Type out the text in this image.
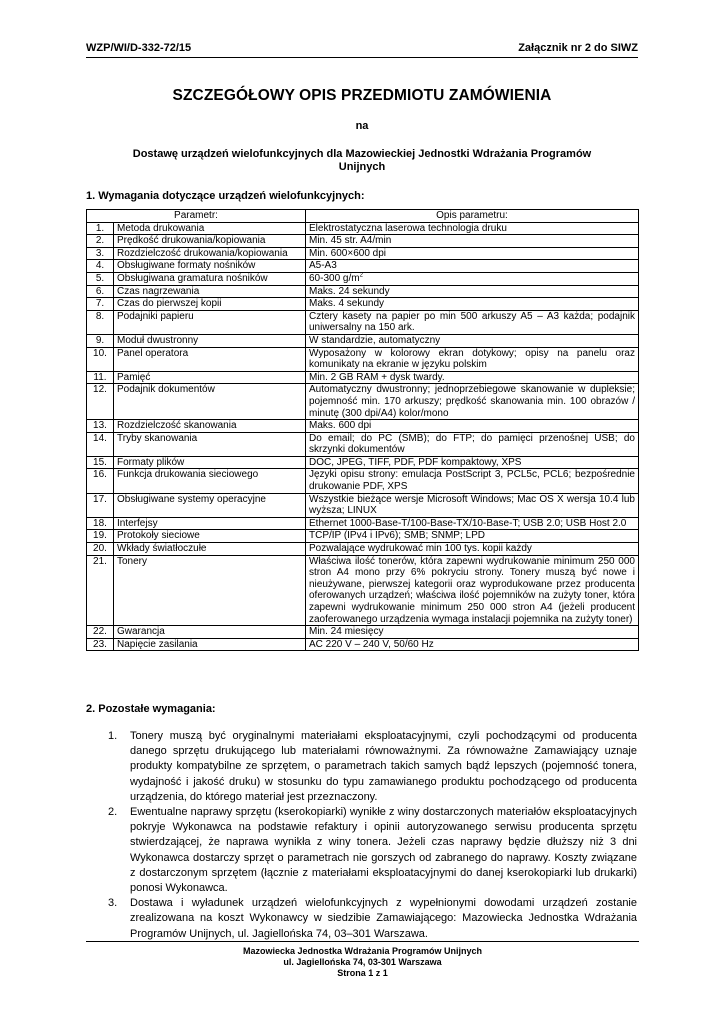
WZP/WI/D-332-72/15	Załącznik nr 2 do SIWZ
SZCZEGÓŁOWY OPIS PRZEDMIOTU ZAMÓWIENIA
na
Dostawę urządzeń wielofunkcyjnych dla Mazowieckiej Jednostki Wdrażania Programów
Unijnych
1. Wymagania dotyczące urządzeń wielofunkcyjnych:
Parametr:		Opis parametru:
1.	Metoda drukowania	Elektrostatyczna laserowa technologia druku
2.	Prędkość drukowania/kopiowania	Min. 45 str. A4/min
3.	Rozdzielczość drukowania/kopiowania	Min. 600×600 dpi
4.	Obsługiwane formaty nośników	A5-A3
5.	Obsługiwana gramatura nośników	60-300 $g/m^2$
6.	Czas nagrzewania	Maks. 24 sekundy
7.	Czas do pierwszej kopii	Maks. 4 sekundy
8.	Podajniki papieru	Cztery kasety na papier po min 500 arkuszy A5 – A3 każda; podajnik uniwersalny na 150 ark.
9.	Moduł dwustronny	W standardzie, automatyczny
10.	Panel operatora	Wyposażony w kolorowy ekran dotykowy; opisy na panelu oraz komunikaty na ekranie w języku polskim
11.	Pamięć	Min. 2 GB RAM + dysk twardy.
12.	Podajnik dokumentów	Automatyczny dwustronny; jednoprzebiegowe skanowanie w dupleksie; pojemność min. 170 arkuszy; prędkość skanowania min. 100 obrazów / minutę (300 dpi/A4) kolor/mono
13.	Rozdzielczość skanowania	Maks. 600 dpi
14.	Tryby skanowania	Do email; do PC (SMB); do FTP; do pamięci przenośnej USB; do skrzynki dokumentów
15.	Formaty plików	DOC, JPEG, TIFF, PDF, PDF kompaktowy, XPS
16.	Funkcja drukowania sieciowego	Języki opisu strony: emulacja PostScript 3, PCL5c, PCL6; bezpośrednie drukowanie PDF, XPS
17.	Obsługiwane systemy operacyjne	Wszystkie bieżące wersje Microsoft Windows; Mac OS X wersja 10.4 lub wyższa; LINUX
18.	Interfejsy	Ethernet 1000-Base-T/100-Base-TX/10-Base-T; USB 2.0; USB Host 2.0
19.	Protokoły sieciowe	TCP/IP (IPv4 i IPv6); SMB; SNMP; LPD
20.	Wkłady światłoczułe	Pozwalające wydrukować min 100 tys. kopii każdy
21.	Tonery	Właściwa ilość tonerów, która zapewni wydrukowanie minimum 250 000 stron A4 mono przy 6% pokryciu strony. Tonery muszą być nowe i nieużywane, pierwszej kategorii oraz wyprodukowane przez producenta oferowanych urządzeń; właściwa ilość pojemników na zużyty toner, która zapewni wydrukowanie minimum 250 000 stron A4 (jeżeli producent zaoferowanego urządzenia wymaga instalacji pojemnika na zużyty toner)
22.	Gwarancja	Min. 24 miesięcy
23.	Napięcie zasilania	AC 220 V – 240 V, 50/60 Hz
2. Pozostałe wymagania:
1. Tonery muszą być oryginalnymi materiałami eksploatacyjnymi, czyli pochodzącymi od producenta danego sprzętu drukującego lub materiałami równoważnymi. Za równoważne Zamawiający uznaje produkty kompatybilne ze sprzętem, o parametrach takich samych bądź lepszych (pojemność tonera, wydajność i jakość druku) w stosunku do typu zamawianego produktu pochodzącego od producenta urządzenia, do którego materiał jest przeznaczony.
2. Ewentualne naprawy sprzętu (kserokopiarki) wynikłe z winy dostarczonych materiałów eksploatacyjnych pokryje Wykonawca na podstawie refaktury i opinii autoryzowanego serwisu producenta sprzętu stwierdzającej, że naprawa wynikła z winy tonera. Jeżeli czas naprawy będzie dłuższy niż 3 dni Wykonawca dostarczy sprzęt o parametrach nie gorszych od zabranego do naprawy. Koszty związane z dostarczonym sprzętem (łącznie z materiałami eksploatacyjnymi do danej kserokopiarki lub drukarki) ponosi Wykonawca.
3. Dostawa i wyładunek urządzeń wielofunkcyjnych z wypełnionymi dowodami urządzeń zostanie zrealizowana na koszt Wykonawcy w siedzibie Zamawiającego: Mazowiecka Jednostka Wdrażania Programów Unijnych, ul. Jagiellońska 74, 03–301 Warszawa.
Mazowiecka Jednostka Wdrażania Programów Unijnych
ul. Jagiellońska 74, 03-301 Warszawa
Strona 1 z 1
